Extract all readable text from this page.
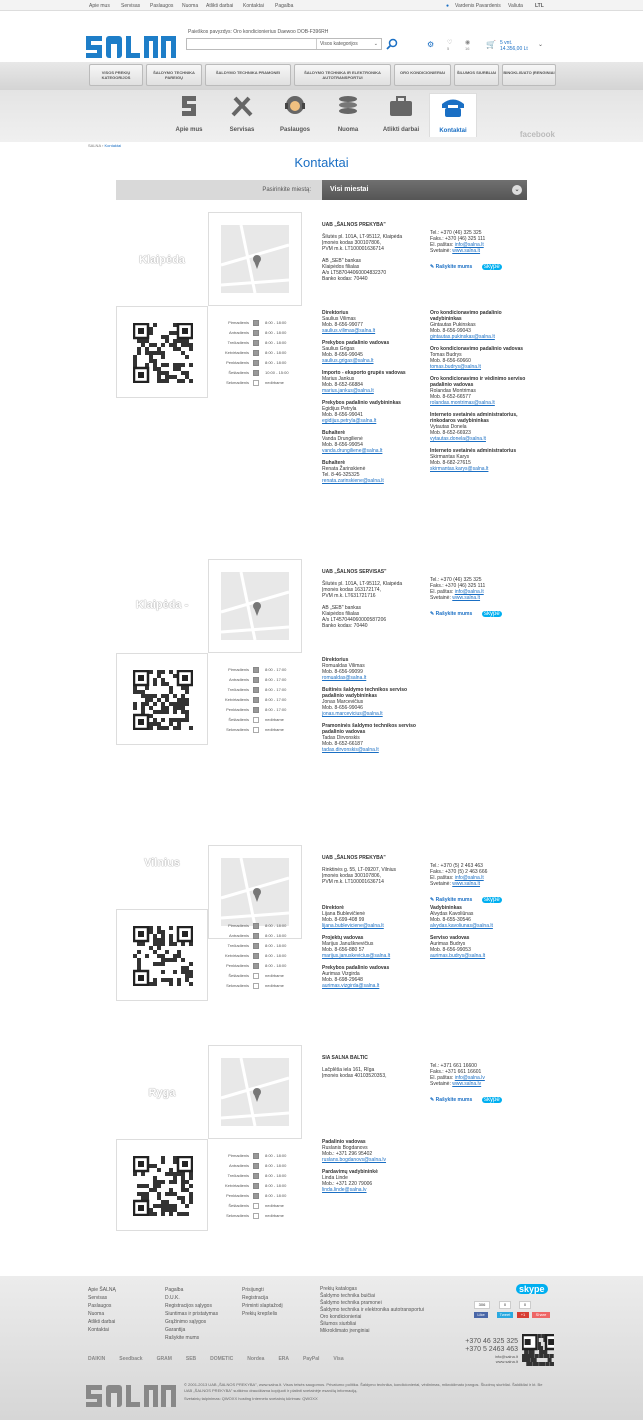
Apie mus Servisas Paslaugos Nuoma Atlikti darbai Kontaktai Pagalba	● Vardenis Pavardenis Valiuta LTL
Paieškos pavyzdys: Oro kondicionierius Daewoo DOB-F396RH
Visos kategorijos	⌄	⚙ ♡
5
◉
16 🛒 5 vnt.
14.356,00 Lt
⌄
VISOS PREKIŲ KATEGORIJOS
ŠALDYMO TECHNIKA PAREIGŲ
ŠALDYMO TECHNIKA PRAMONEI	ŠALDYMO TECHNIKA IR ELEKTRONIKA AUTOTRANSPORTUI
ORO KONDICIONIERIAI	ŠILUMOS SIURBLIAI	BINOKLIS/ATO ĮRENGINIAI
Apie mus	Servisas	Paslaugos	Nuoma	Atlikti darbai	Kontaktai	facebook
SALNA › Kontaktai
Kontaktai
Pasirinkite miestą:	Visi miestai	⌄
Klaipėda
UAB „ŠALNOS PREKYBA"

Šilutės pl. 101A, LT-95112, Klaipėda
Įmonės kodas 300107806,
PVM m.k. LT100001636714

AB „SEB" bankas
Klaipėdos filialas
A/s LT587044060004832370
Banko kodas: 70440
Tel.: +370 (46) 325 325
Faks.: +370 (46) 325 111
El. paštas: info@salna.lt
Svetainė: www.salna.lt
✎ Rašykite mums	skype
Pirmadienis	8:00 - 18:00
Antradienis	8:00 - 18:00
Trečiadienis	8:00 - 18:00
Ketvirtadienis	8:00 - 18:00
Penktadienis	8:00 - 18:00
Šeštadienis	10:00 - 15:00
Sekmadienis	nedirbame
Direktorius
Saulius Vilimas
Mob. 8-656-99077
saulius.vilimas@salna.lt
Prekybos padalinio vadovas
Saulius Grigas
Mob. 8-656-99045
saulius.grigas@salna.lt
Importo - eksporto grupės vadovas
Marius Jankus
Mob. 8-652-66884
marius.jankus@salna.lt
Prekybos padalinio vadybininkas
Egidijus Petryla
Mob. 8-656-99041
egidijus.petryla@salna.lt
Buhalterė
Vanda Drungilienė
Mob. 8-656-99054
vanda.drungiliene@salna.lt
Buhalterė
Renata Žarinskienė
Tel. 8-46-325325
renata.zarinskiene@salna.lt
Oro kondicionavimo padalinio vadybininkas
Gintautas Pukinskas
Mob. 8-656-99043
gintautas.pukinskas@salna.lt
Oro kondicionavimo padalinio vadovas
Tomas Budrys
Mob. 8-656-60660
tomas.budrys@salna.lt
Oro kondicionavimo ir vėdinimo serviso padalinio vadovas
Rolandas Montrimas
Mob. 8-652-66577
rolandas.montrimas@salna.lt
Interneto svetainės administratorius, rinkodaros vadybininkas
Vytautas Donela
Mob. 8-652-66923
vytautas.donela@salna.lt
Interneto svetainės administratorius
Skirmantas Karys
Mob. 8-682-27615
skirmantas.karys@salna.lt
Klaipėda -
UAB „ŠALNOS SERVISAS"

Šilutės pl. 101A, LT-95112, Klaipėda
Įmonės kodas 163172174,
PVM m.k. LT631721716

AB „SEB" bankas
Klaipėdos filialas
A/s LT457044060000587206
Banko kodas: 70440
Tel.: +370 (46) 325 325
Faks.: +370 (46) 325 111
El. paštas: info@salna.lt
Svetainė: www.salna.lt
✎ Rašykite mums	skype
Pirmadienis	8:00 - 17:00
Antradienis	8:00 - 17:00
Trečiadienis	8:00 - 17:00
Ketvirtadienis	8:00 - 17:00
Penktadienis	8:00 - 17:00
Šeštadienis	nedirbame
Sekmadienis	nedirbame
Direktorius
Romualdas Vilimas
Mob. 8-656-99099
romualdas@salna.lt
Buitinės šaldymo technikos serviso padalinio vadybininkas
Jonas Marcevičius
Mob. 8-656-99046
jonas.marcevicius@salna.lt
Pramoninės šaldymo technikos serviso padalinio vadovas
Tadas Dirvonskis
Mob. 8-652-66187
tadas.dirvonskis@salna.lt
Vilnius	UAB „ŠALNOS PREKYBA"

Rinktinės g. 55, LT-09207, Vilnius
Įmonės kodas 300107806,
PVM m.k. LT100001636714
Tel.: +370 (5) 2 463 463
Faks.: +370 (5) 2 463 666
El. paštas: info@salna.lt
Svetainė: www.salna.lt
✎ Rašykite mums	skype
Pirmadienis	8:00 - 18:00
Antradienis	8:00 - 18:00
Trečiadienis	8:00 - 18:00
Ketvirtadienis	8:00 - 18:00
Penktadienis	8:00 - 18:00
Šeštadienis	nedirbame
Sekmadienis	nedirbame
Direktorė
Lijana Bublevičienė
Mob. 8-699-408 99
lijana.bubleviciene@salna.lt
Projektų vadovas
Marijus Janušknevičius
Mob. 8-656-880 57
marijus.januskevicius@salna.lt
Prekybos padalinio vadovas
Aurimas Vizgirda
Mob. 8-698-29648
aurimas.vizgirda@salna.lt
Vadybininkas
Alvydas Kavoliūnas
Mob. 8-655-30546
alvydas.kavoliunas@salna.lt
Serviso vadovas
Aurimas Budrys
Mob. 8-656-99053
aurimas.budrys@salna.lt
Ryga
SIA SALNA BALTIC

Lačplēša iela 161, Rīga
Įmonės kodas 40103520353,
Tel.: +371 661 16600
Faks.: +371 661 16601
El. paštas: info@salna.lv
Svetainė: www.salna.lv
✎ Rašykite mums	skype
Pirmadienis	8:00 - 18:00
Antradienis	8:00 - 18:00
Trečiadienis	8:00 - 18:00
Ketvirtadienis	8:00 - 18:00
Penktadienis	8:00 - 18:00
Šeštadienis	nedirbame
Sekmadienis	nedirbame
Padalinio vadovas
Ruslanis Bogdanovs
Mob.: +371 296 95402
ruslans.bogdanovs@salna.lv
Pardavimų vadybininkė
Linda Linde
Mob.: +371 220 79006
linda.linde@salna.lv
Apie ŠALNĄ
Servisas
Paslaugos
Nuoma
Atlikti darbai
Kontaktai
Pagalba
D.U.K.
Registracijos sąlygos
Siuntimas ir pristatymas
Grąžinimo sąlygos
Garantija
Rašykite mums
Prisijungti
Registracija
Priminti slaptažodį
Prekių krepšelis
Prekių katalogas
Šaldymo technika buičiai
Šaldymo technika pramonei
Šaldymo technika ir elektronika autotransportui
Oro kondicionieriai
Šilumos siurbliai
Mikroklimato įrenginiai
skype
306	0	0
Like	Tweet	+1	Share
+370 46 325 325
+370 5 2463 463
info@salna.lt
www.salna.lt
DAIKIN	Seedback	GRAM	SEB	DOMETIC	Nordea	ERA	PayPal	Visa
© 2001-2013 UAB „ŠALNOS PREKYBA", www.salna.lt. Visos teisės saugomos. Privatumo politika. Šaldymo technika, kondicionieriai, vėdinimas, mikroklimato įrangos. Šiuolmų siurbliai. Šaldikliai ir kt. Be UAB „ŠALNOS PREKYBA" sutikimo draudžiama kopijuoti ir platinti svetainėje esančią informaciją.
Svetainių talpinimas: QWOXX hosting Interneto svetainių kūrimas: QWOXX
